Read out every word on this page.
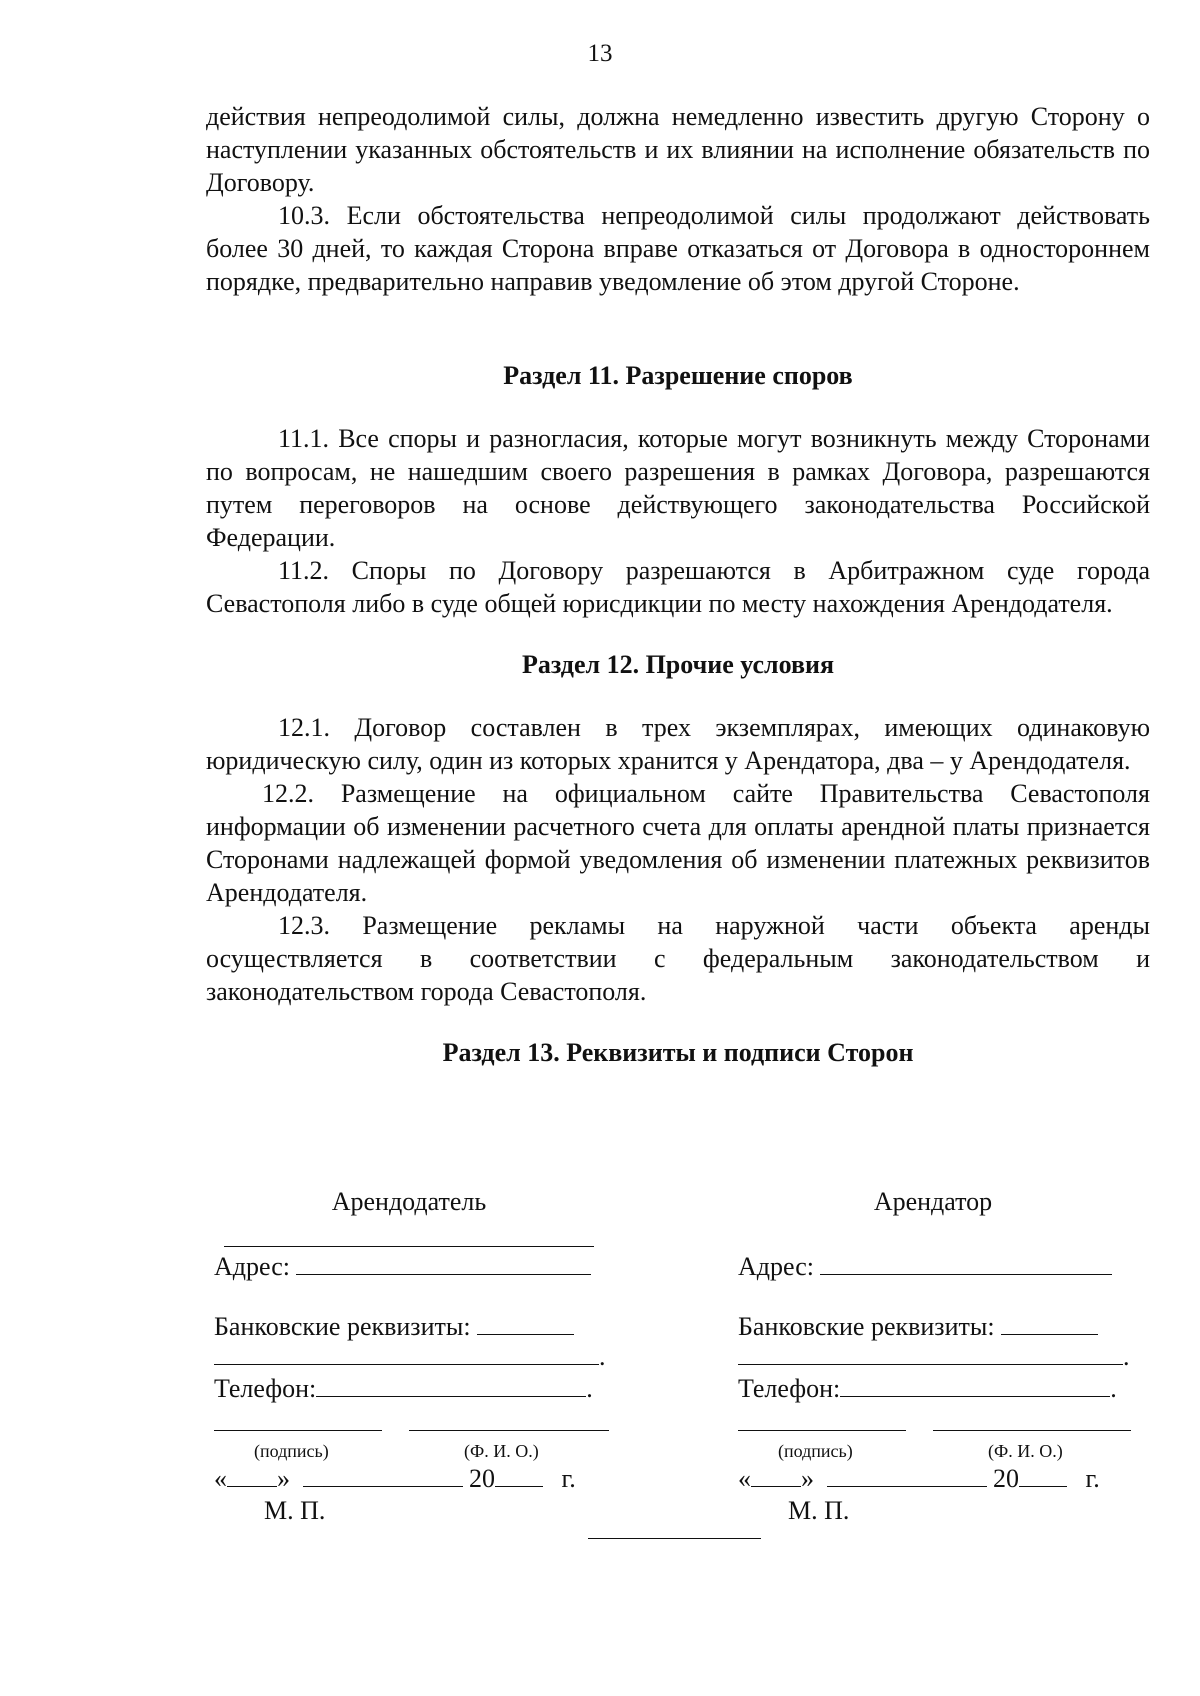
13

действия непреодолимой силы, должна немедленно известить другую Сторону о наступлении указанных обстоятельств и их влиянии на исполнение обязательств по Договору.

10.3. Если обстоятельства непреодолимой силы продолжают действовать более 30 дней, то каждая Сторона вправе отказаться от Договора в одностороннем порядке, предварительно направив уведомление об этом другой Стороне.

Раздел 11. Разрешение споров

11.1. Все споры и разногласия, которые могут возникнуть между Сторонами по вопросам, не нашедшим своего разрешения в рамках Договора, разрешаются путем переговоров на основе действующего законодательства Российской Федерации.

11.2. Споры по Договору разрешаются в Арбитражном суде города Севастополя либо в суде общей юрисдикции по месту нахождения Арендодателя.

Раздел 12. Прочие условия

12.1. Договор составлен в трех экземплярах, имеющих одинаковую юридическую силу, один из которых хранится у Арендатора, два – у Арендодателя.

12.2. Размещение на официальном сайте Правительства Севастополя информации об изменении расчетного счета для оплаты арендной платы признается Сторонами надлежащей формой уведомления об изменении платежных реквизитов Арендодателя.

12.3. Размещение рекламы на наружной части объекта аренды осуществляется в соответствии с федеральным законодательством и законодательством города Севастополя.

Раздел 13. Реквизиты и подписи Сторон
Арендодатель
Адрес:
Банковские реквизиты:
.
Телефон:	.

(подпись)	(Ф. И. О.)
« »	20	г.
М. П.
Арендатор
Адрес:
Банковские реквизиты:
.
Телефон:	.

(подпись)	(Ф. И. О.)
« »	20	г.
М. П.
